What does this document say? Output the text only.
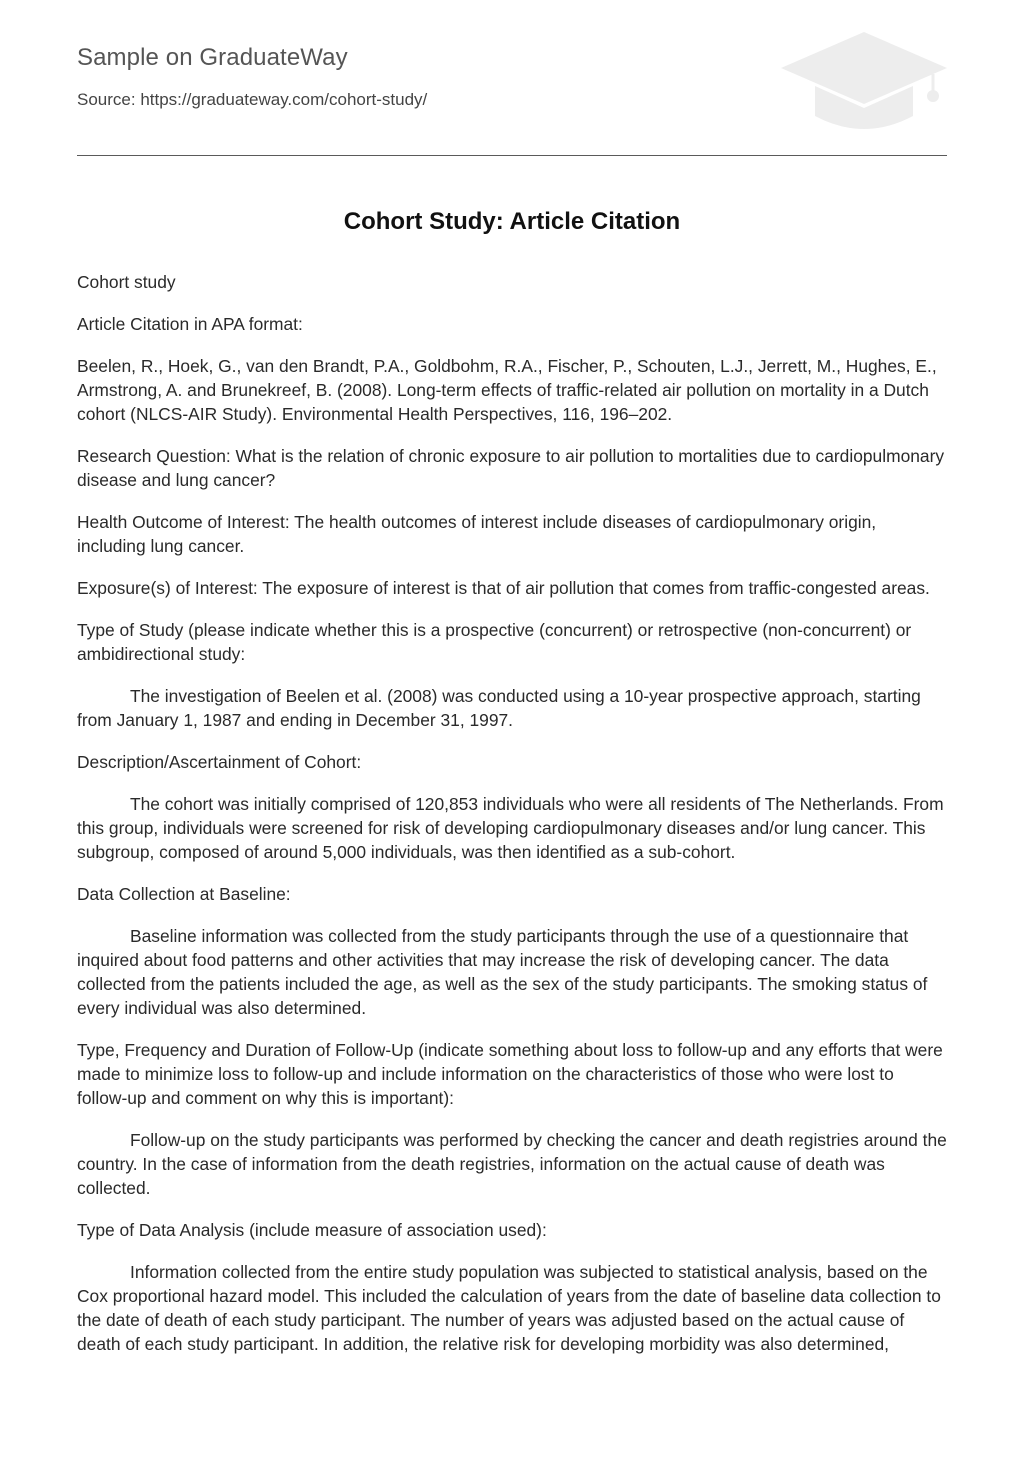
Sample on GraduateWay
Source: https://graduateway.com/cohort-study/
Cohort Study: Article Citation

Cohort study

Article Citation in APA format:

Beelen, R., Hoek, G., van den Brandt, P.A., Goldbohm, R.A., Fischer, P., Schouten, L.J., Jerrett, M., Hughes, E., Armstrong, A. and Brunekreef, B. (2008). Long-term effects of traffic-related air pollution on mortality in a Dutch cohort (NLCS-AIR Study). Environmental Health Perspectives, 116, 196–202.

Research Question: What is the relation of chronic exposure to air pollution to mortalities due to cardiopulmonary disease and lung cancer?

Health Outcome of Interest: The health outcomes of interest include diseases of cardiopulmonary origin, including lung cancer.

Exposure(s) of Interest: The exposure of interest is that of air pollution that comes from traffic-congested areas.

Type of Study (please indicate whether this is a prospective (concurrent) or retrospective (non-concurrent) or ambidirectional study:

The investigation of Beelen et al. (2008) was conducted using a 10-year prospective approach, starting from January 1, 1987 and ending in December 31, 1997.

Description/Ascertainment of Cohort:

The cohort was initially comprised of 120,853 individuals who were all residents of The Netherlands. From this group, individuals were screened for risk of developing cardiopulmonary diseases and/or lung cancer. This subgroup, composed of around 5,000 individuals, was then identified as a sub-cohort.

Data Collection at Baseline:

Baseline information was collected from the study participants through the use of a questionnaire that inquired about food patterns and other activities that may increase the risk of developing cancer. The data collected from the patients included the age, as well as the sex of the study participants. The smoking status of every individual was also determined.

Type, Frequency and Duration of Follow-Up (indicate something about loss to follow-up and any efforts that were made to minimize loss to follow-up and include information on the characteristics of those who were lost to follow-up and comment on why this is important):

Follow-up on the study participants was performed by checking the cancer and death registries around the country. In the case of information from the death registries, information on the actual cause of death was collected.

Type of Data Analysis (include measure of association used):

Information collected from the entire study population was subjected to statistical analysis, based on the Cox proportional hazard model. This included the calculation of years from the date of baseline data collection to the date of death of each study participant. The number of years was adjusted based on the actual cause of death of each study participant. In addition, the relative risk for developing morbidity was also determined,
